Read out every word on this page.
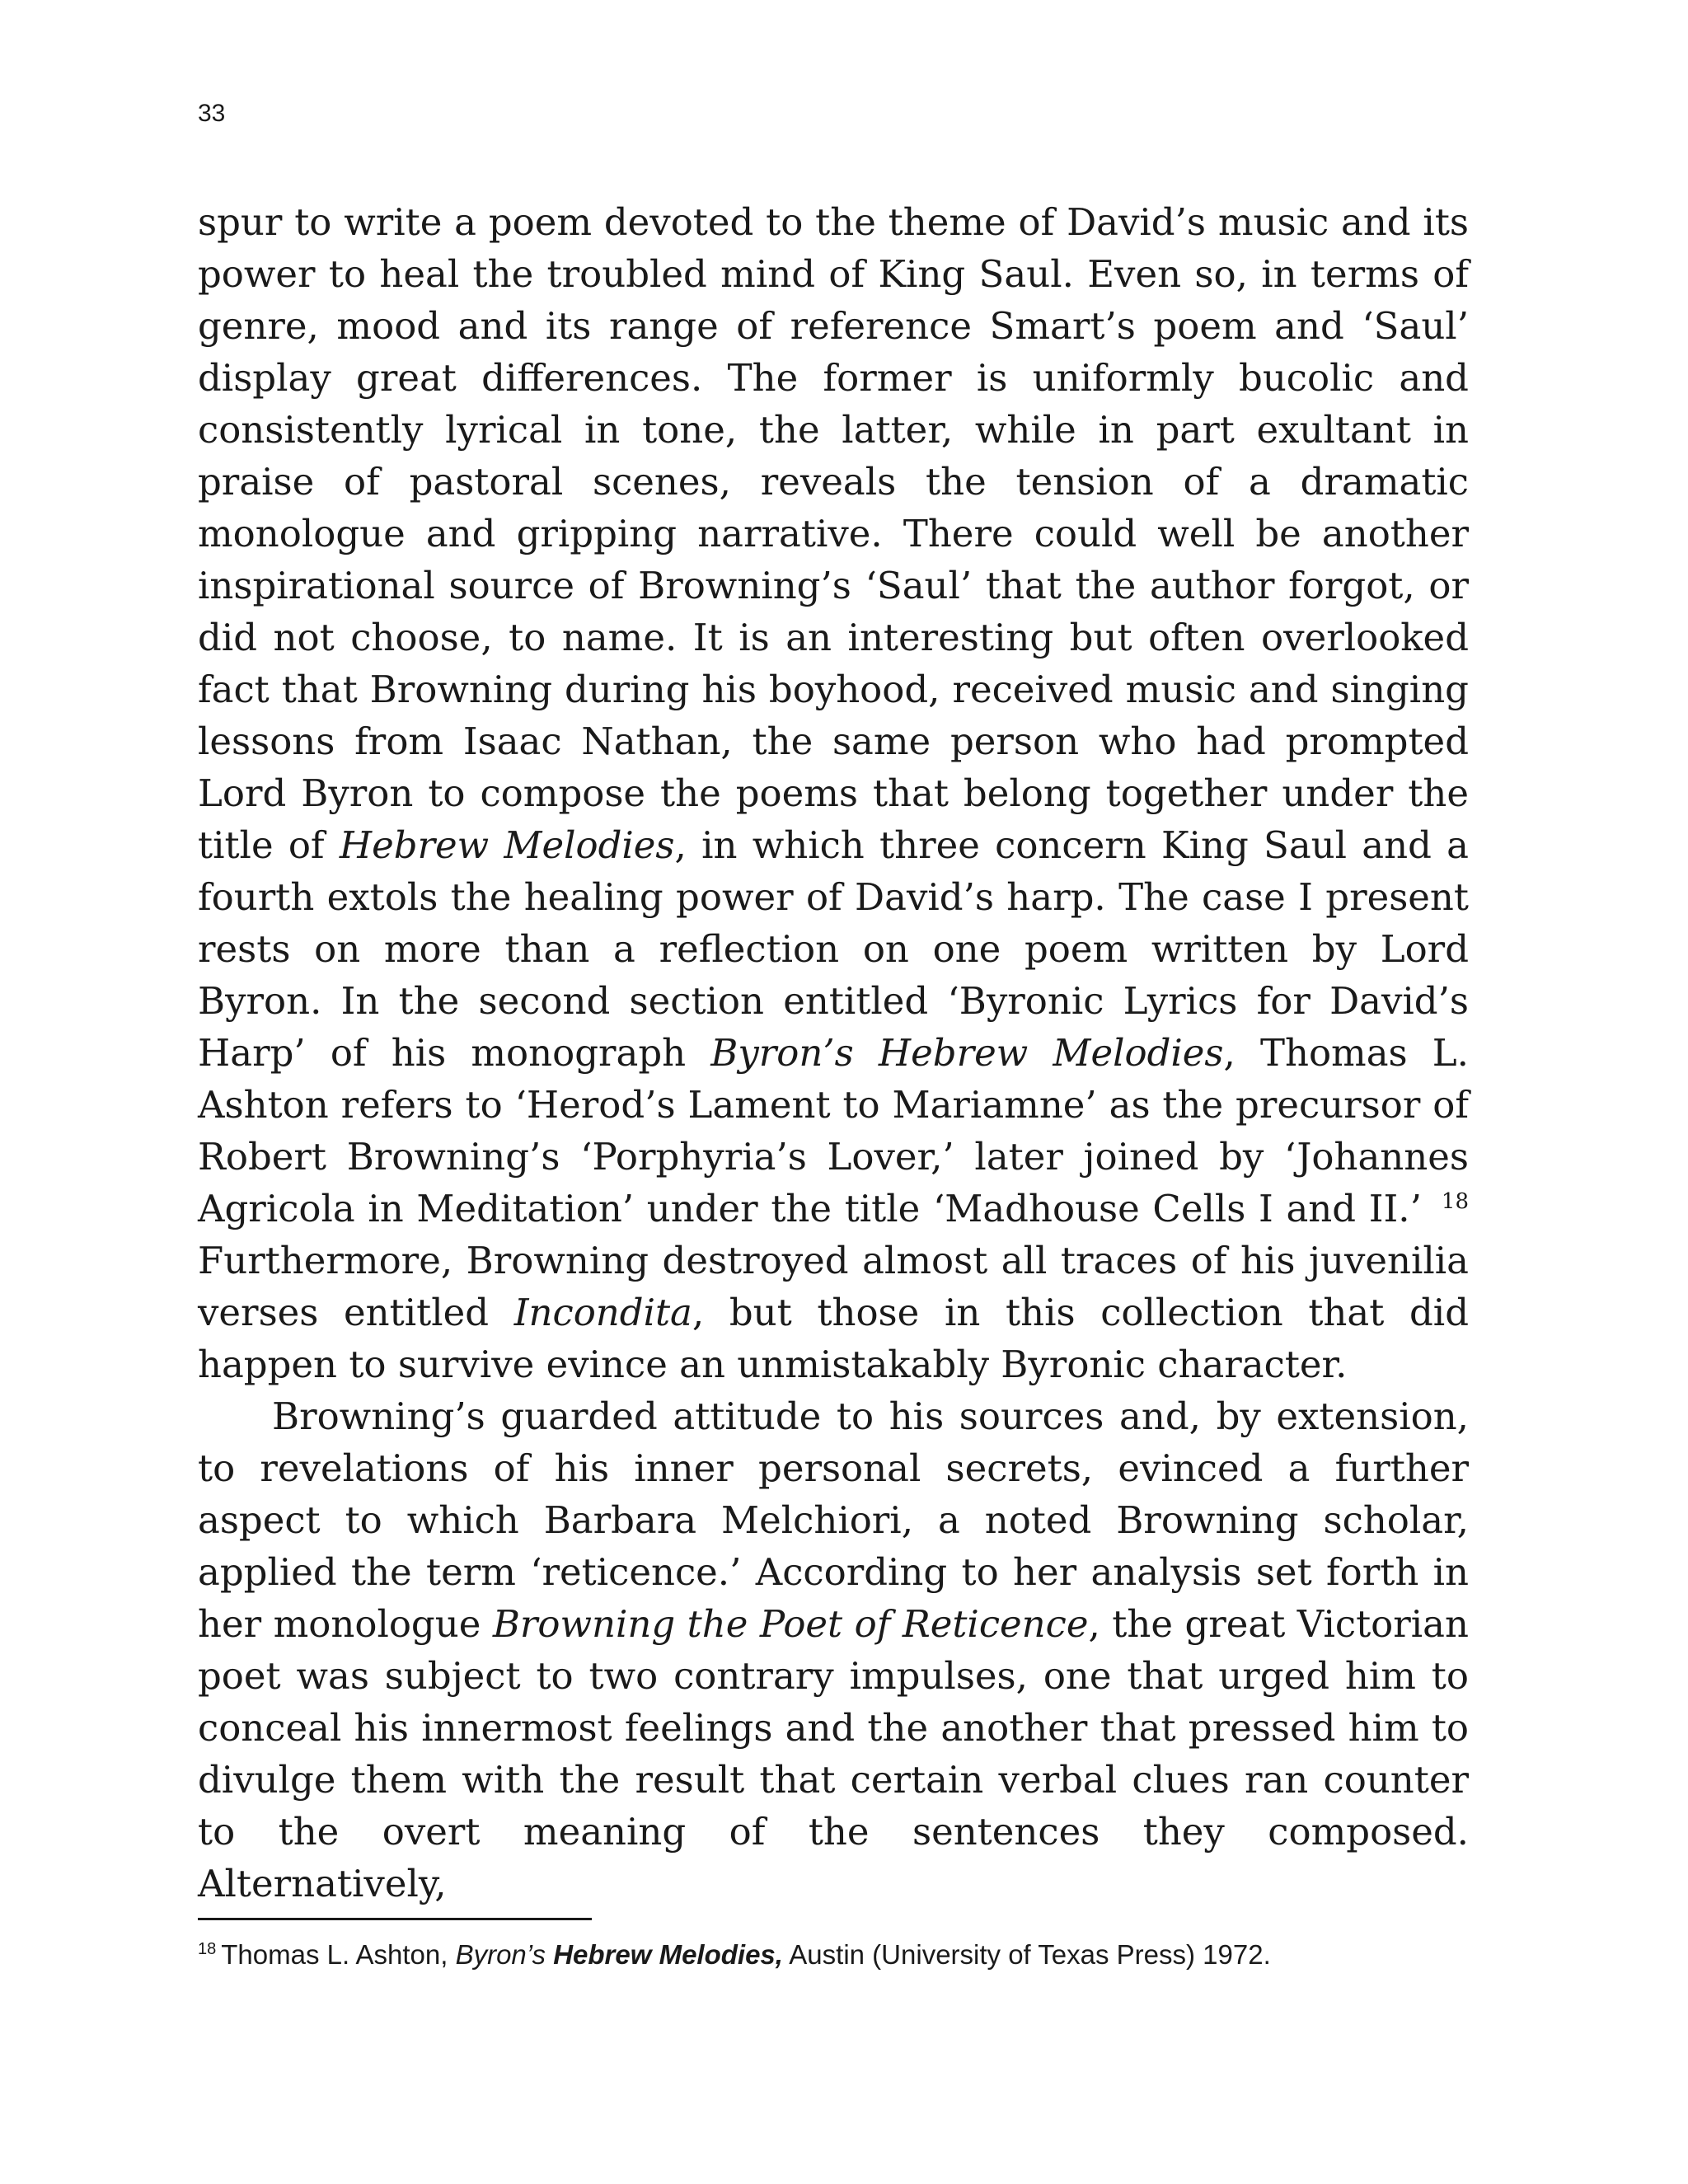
33

spur to write a poem devoted to the theme of David’s music and its power to heal the troubled mind of King Saul. Even so, in terms of genre, mood and its range of reference Smart’s poem and ‘Saul’ display great differences. The former is uniformly bucolic and consistently lyrical in tone, the latter, while in part exultant in praise of pastoral scenes, reveals the tension of a dramatic monologue and gripping narrative. There could well be another inspirational source of Browning’s ‘Saul’ that the author forgot, or did not choose, to name. It is an interesting but often overlooked fact that Browning during his boyhood, received music and singing lessons from Isaac Nathan, the same person who had prompted Lord Byron to compose the poems that belong together under the title of Hebrew Melodies, in which three concern King Saul and a fourth extols the healing power of David’s harp. The case I present rests on more than a reflection on one poem written by Lord Byron. In the second section entitled ‘Byronic Lyrics for David’s Harp’ of his monograph Byron’s Hebrew Melodies, Thomas L. Ashton refers to ‘Herod’s Lament to Mariamne’ as the precursor of Robert Browning’s ‘Porphyria’s Lover,’ later joined by ‘Johannes Agricola in Meditation’ under the title ‘Madhouse Cells I and II.’ $^{18}$ Furthermore, Browning destroyed almost all traces of his juvenilia verses entitled Incondita, but those in this collection that did happen to survive evince an unmistakably Byronic character.

Browning’s guarded attitude to his sources and, by extension, to revelations of his inner personal secrets, evinced a further aspect to which Barbara Melchiori, a noted Browning scholar, applied the term ‘reticence.’ According to her analysis set forth in her monologue Browning the Poet of Reticence, the great Victorian poet was subject to two contrary impulses, one that urged him to conceal his innermost feelings and the another that pressed him to divulge them with the result that certain verbal clues ran counter to the overt meaning of the sentences they composed. Alternatively,

$^{18}$ Thomas L. Ashton, Byron’s Hebrew Melodies, Austin (University of Texas Press) 1972.
